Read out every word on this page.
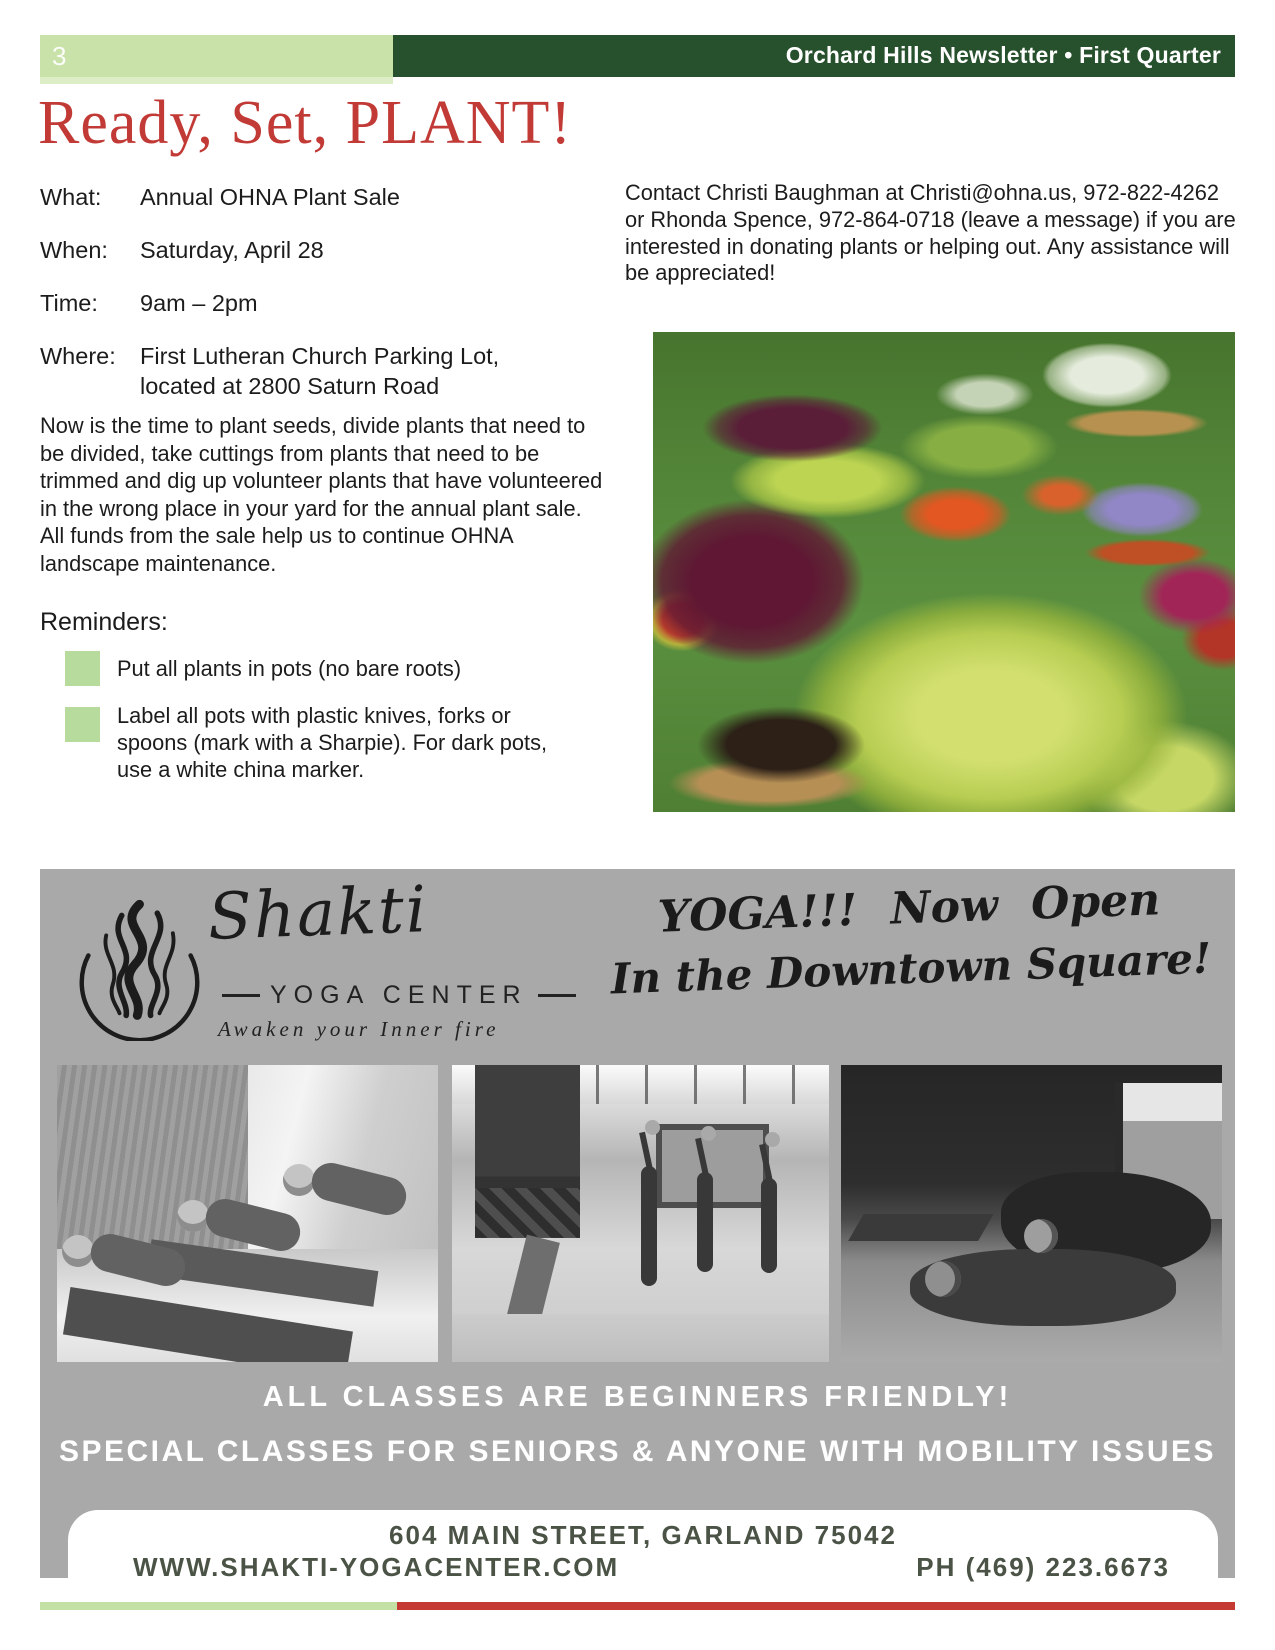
3	Orchard Hills Newsletter • First Quarter
Ready, Set, PLANT!
What:	Annual OHNA Plant Sale
When:	Saturday, April 28
Time:	9am – 2pm
Where:	First Lutheran Church Parking Lot, located at 2800 Saturn Road
Contact Christi Baughman at Christi@ohna.us, 972-822-4262 or Rhonda Spence, 972-864-0718 (leave a message) if you are interested in donating plants or helping out. Any assistance will be appreciated!
Now is the time to plant seeds, divide plants that need to be divided, take cuttings from plants that need to be trimmed and dig up volunteer plants that have volunteered in the wrong place in your yard for the annual plant sale. All funds from the sale help us to continue OHNA landscape maintenance.
Reminders:
Put all plants in pots (no bare roots)
Label all pots with plastic knives, forks or spoons (mark with a Sharpie). For dark pots, use a white china marker.
Shakti
YOGA CENTER
Awaken your Inner fire
YOGA!!! Now Open
In the Downtown Square!
ALL CLASSES ARE BEGINNERS FRIENDLY!
SPECIAL CLASSES FOR SENIORS & ANYONE WITH MOBILITY ISSUES
604 MAIN STREET, GARLAND 75042
WWW.SHAKTI-YOGACENTER.COM	PH (469) 223.6673
